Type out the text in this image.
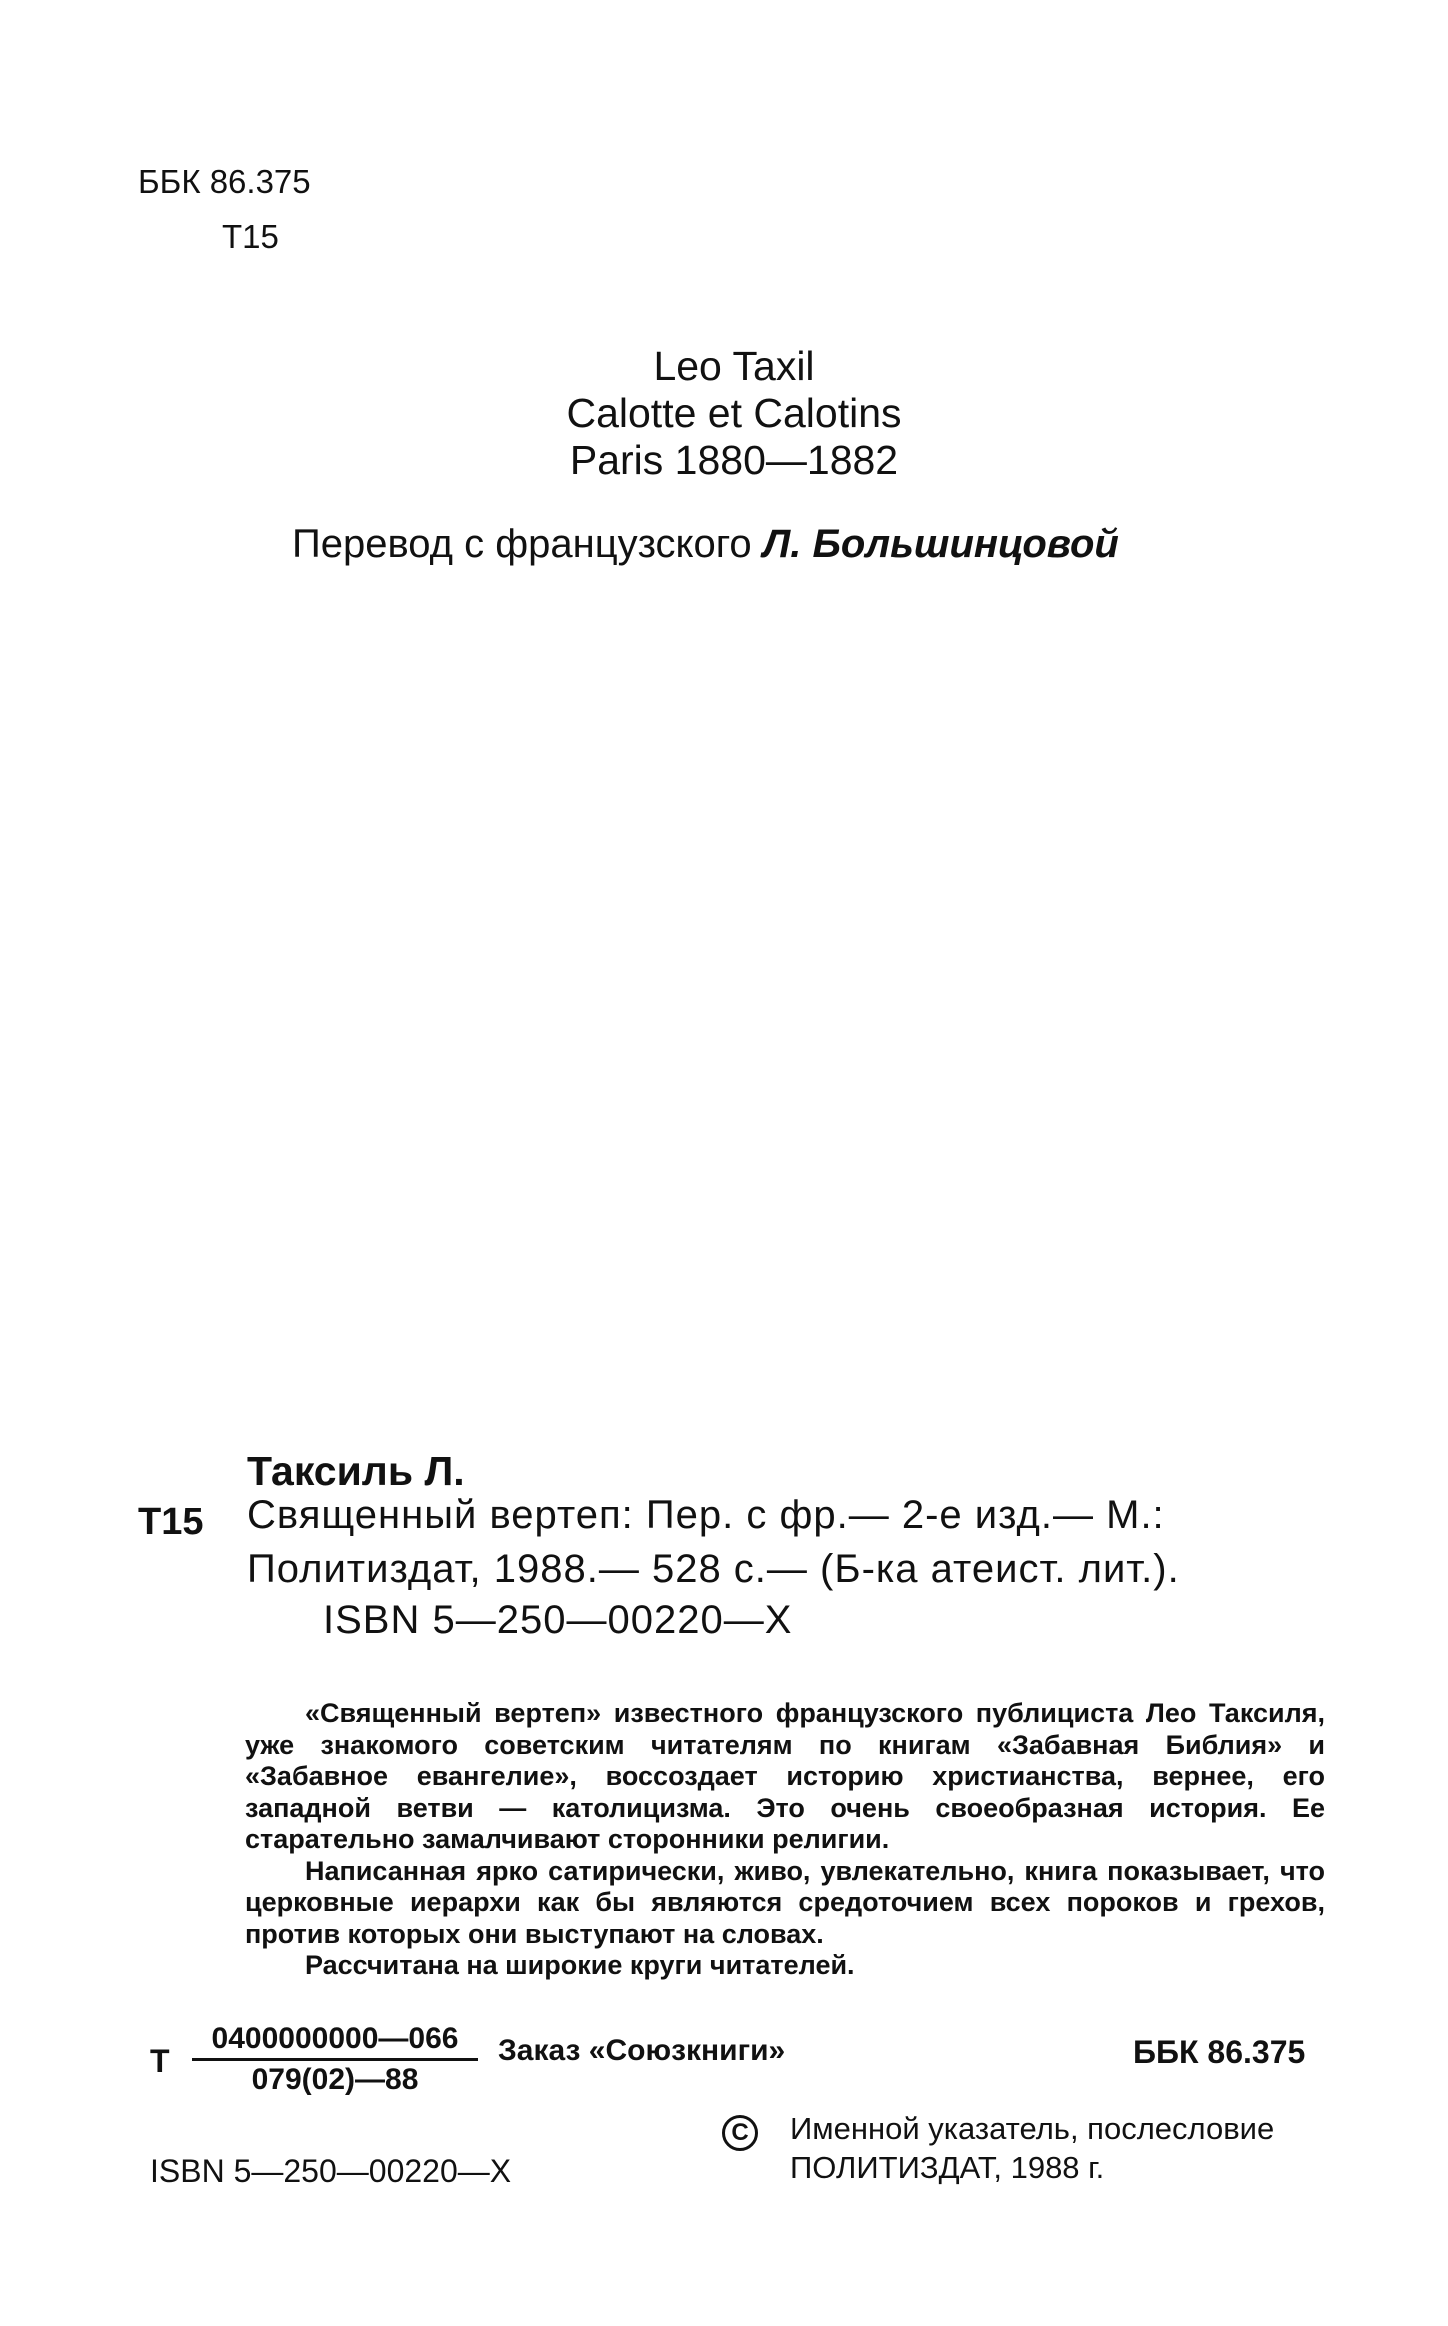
ББК 86.375
Т15
Leo Taxil
Calotte et Calotins
Paris 1880—1882
Перевод с французского Л. Большинцовой
Таксиль Л.
Т15 Священный вертеп: Пер. с фр.— 2-е изд.— М.:
Политиздат, 1988.— 528 с.— (Б-ка атеист. лит.).
ISBN 5—250—00220—X

«Священный вертеп» известного французского публициста Лео Таксиля, уже знакомого советским читателям по книгам «Забавная Библия» и «Забавное евангелие», воссоздает историю христианства, вернее, его западной ветви — католицизма. Это очень своеобразная история. Ее старательно замалчивают сторонники религии.

Написанная ярко сатирически, живо, увлекательно, книга показывает, что церковные иерархи как бы являются средоточием всех пороков и грехов, против которых они выступают на словах.

Рассчитана на широкие круги читателей.

Т
0400000000—066
079(02)—88
Заказ «Союзкниги»	ББК 86.375
ISBN 5—250—00220—X
C Именной указатель, послесловие
ПОЛИТИЗДАТ, 1988 г.
